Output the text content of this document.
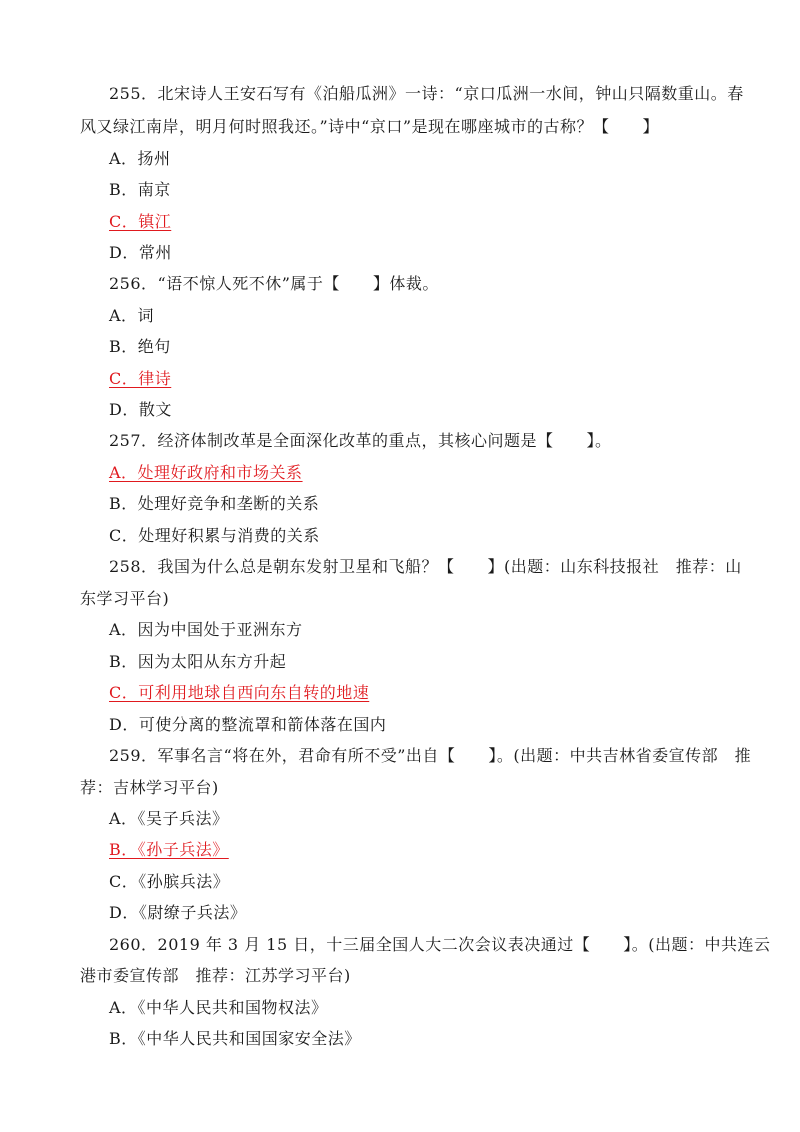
255．北宋诗人王安石写有《泊船瓜洲》一诗：“京口瓜洲一水间，钟山只隔数重山。春
风又绿江南岸，明月何时照我还。”诗中“京口”是现在哪座城市的古称？【　　】
A．扬州
B．南京
C．镇江
D．常州
256．“语不惊人死不休”属于【　　】体裁。
A．词
B．绝句
C．律诗
D．散文
257．经济体制改革是全面深化改革的重点，其核心问题是【　　】。
A．处理好政府和市场关系
B．处理好竞争和垄断的关系
C．处理好积累与消费的关系
258．我国为什么总是朝东发射卫星和飞船？【　　】(出题：山东科技报社　推荐：山
东学习平台)
A．因为中国处于亚洲东方
B．因为太阳从东方升起
C．可利用地球自西向东自转的地速
D．可使分离的整流罩和箭体落在国内
259．军事名言“将在外，君命有所不受”出自【　　】。(出题：中共吉林省委宣传部　推
荐：吉林学习平台)
A．《吴子兵法》
B．《孙子兵法》
C．《孙膑兵法》
D．《尉缭子兵法》
260．2019 年 3 月 15 日，十三届全国人大二次会议表决通过【　　】。(出题：中共连云
港市委宣传部　推荐：江苏学习平台)
A．《中华人民共和国物权法》
B．《中华人民共和国国家安全法》
